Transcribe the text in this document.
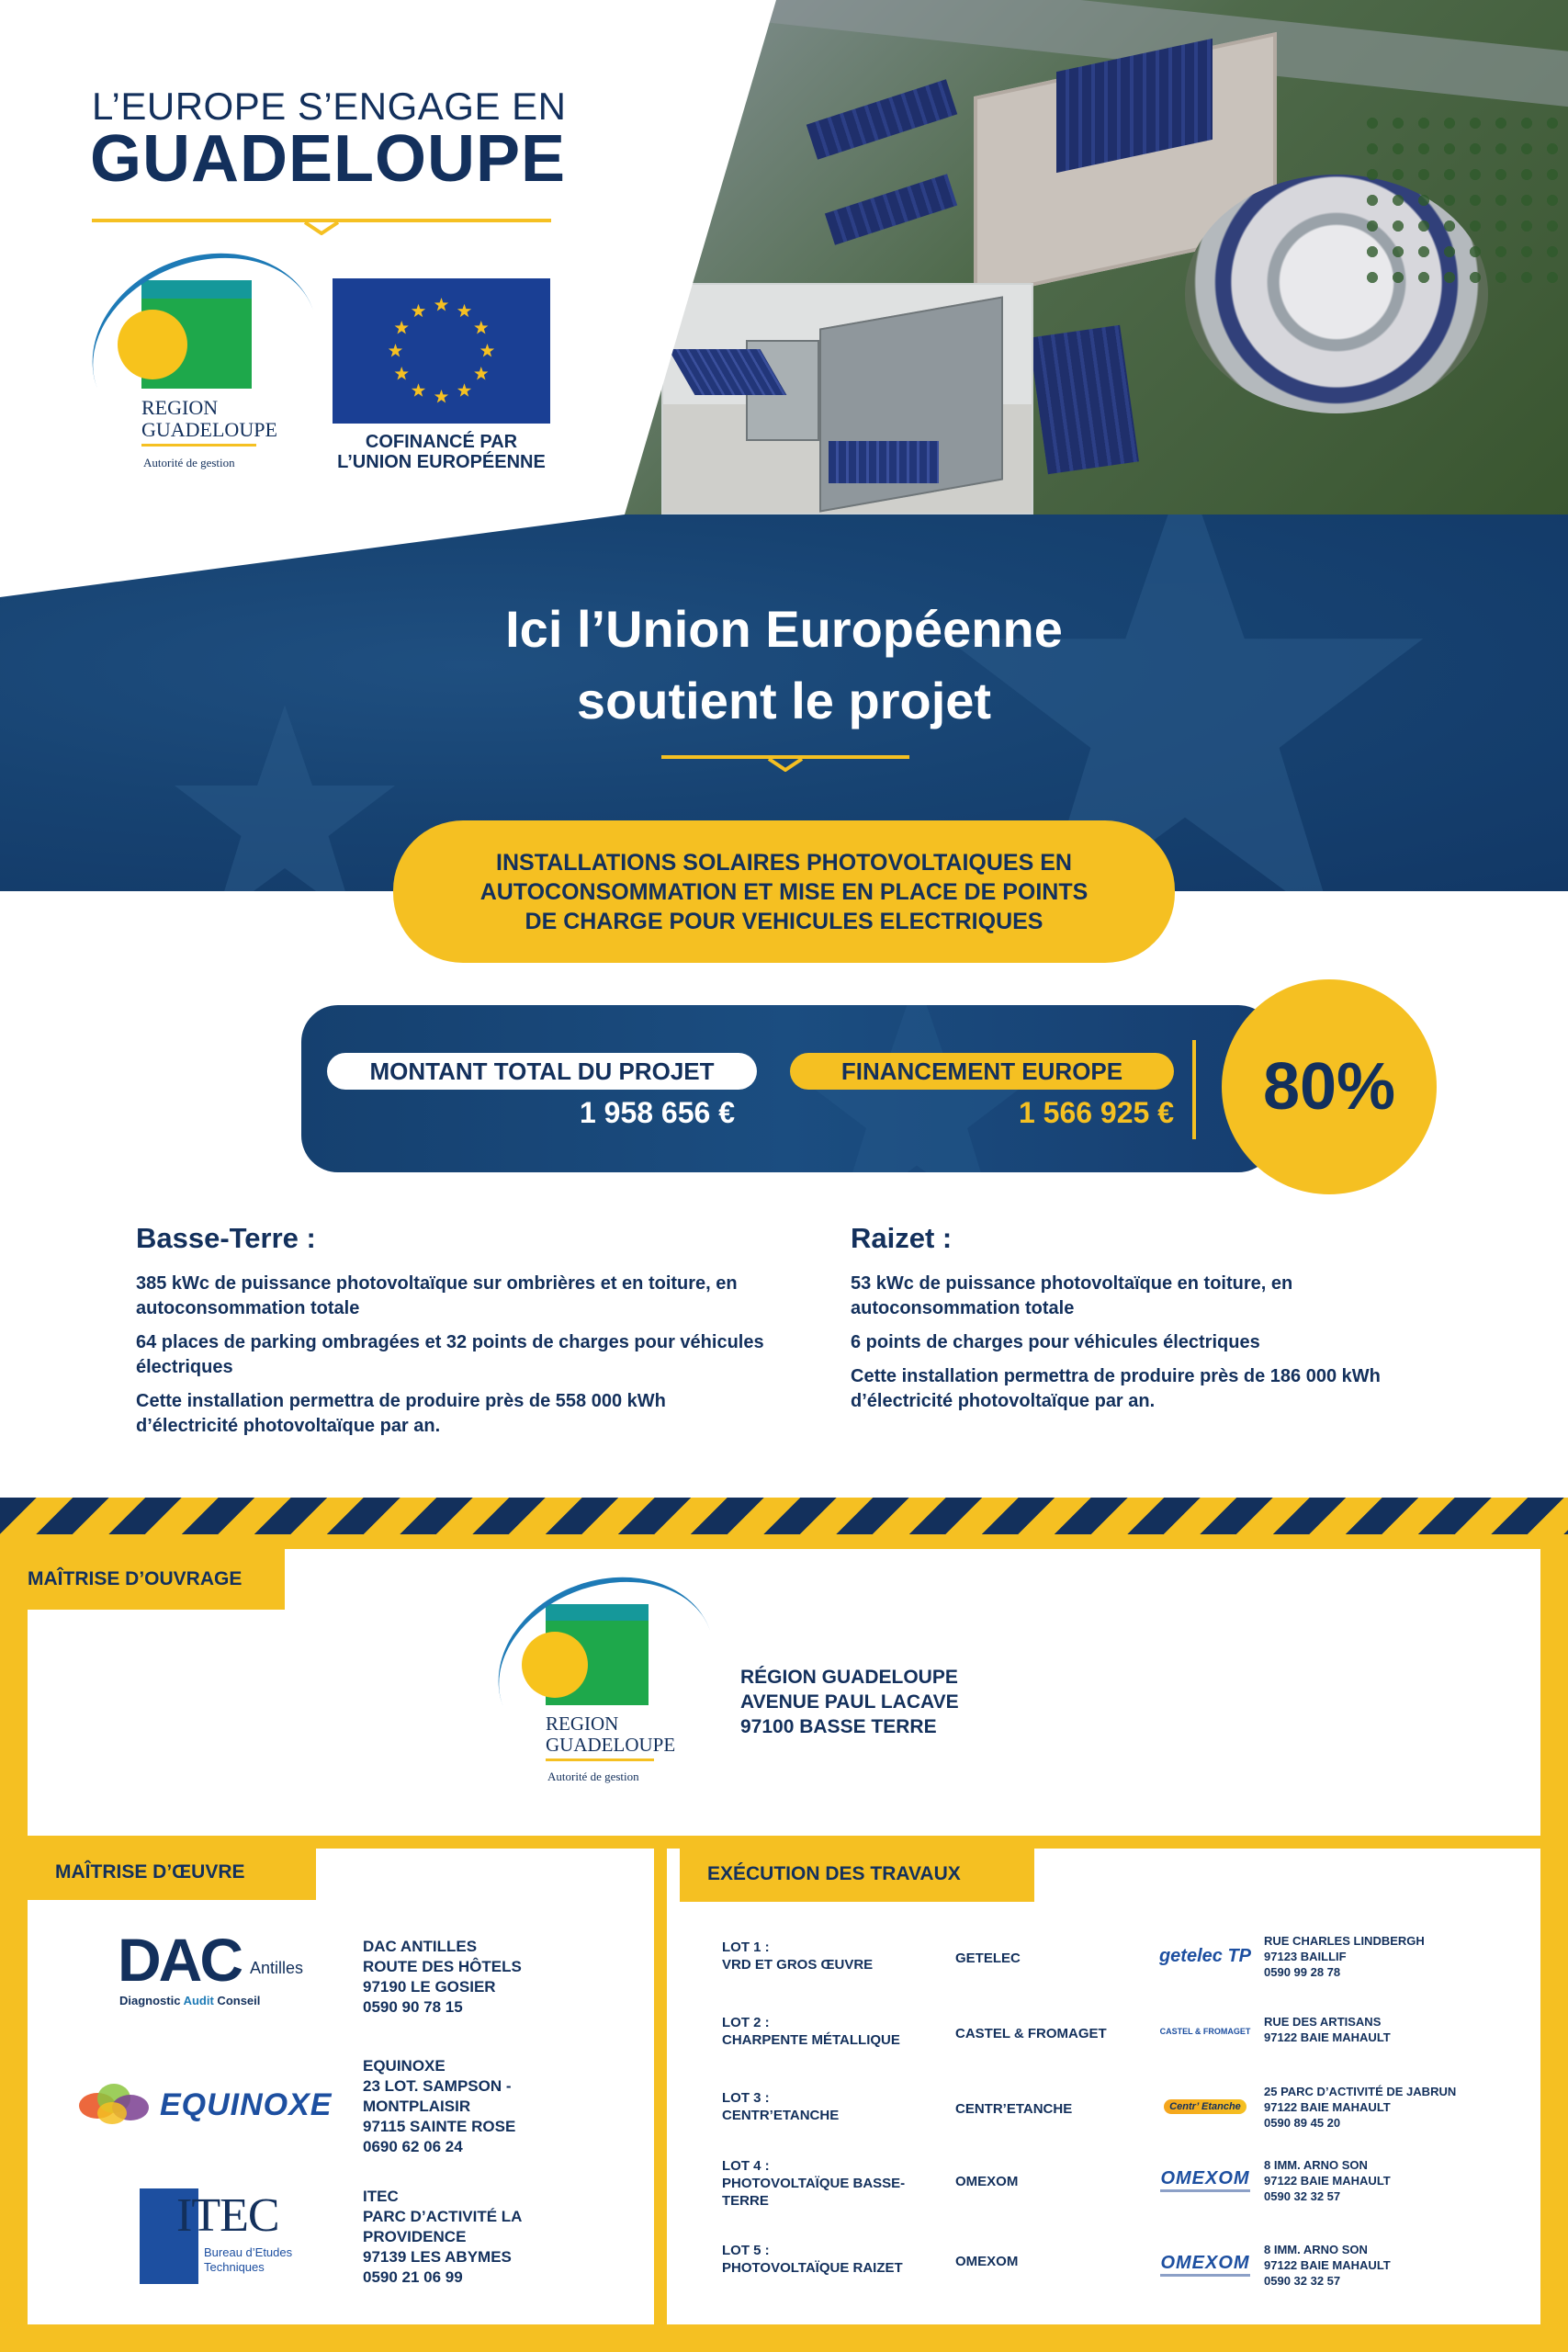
L’EUROPE S’ENGAGE EN
GUADELOUPE
REGION
GUADELOUPE
Autorité de gestion
COFINANCÉ PAR
L’UNION EUROPÉENNE
Ici l’Union Européenne
soutient le projet
INSTALLATIONS SOLAIRES PHOTOVOLTAIQUES EN
AUTOCONSOMMATION ET MISE EN PLACE DE POINTS
DE CHARGE POUR VEHICULES ELECTRIQUES
MONTANT TOTAL DU PROJET
1 958 656 €
FINANCEMENT EUROPE
1 566 925 €	80%
Basse-Terre :

385 kWc de puissance photovoltaïque sur ombrières et en toiture, en autoconsommation totale

64 places de parking ombragées et 32 points de charges pour véhicules électriques

Cette installation permettra de produire près de 558 000 kWh d’électricité photovoltaïque par an.

Raizet :

53 kWc de puissance photovoltaïque en toiture, en autoconsommation totale

6 points de charges pour véhicules électriques

Cette installation permettra de produire près de 186 000 kWh d’électricité photovoltaïque par an.

MAÎTRISE D’OUVRAGE
REGION
GUADELOUPE
Autorité de gestion
RÉGION GUADELOUPE
AVENUE PAUL LACAVE
97100 BASSE TERRE
MAÎTRISE D’ŒUVRE
DAC Antilles
Diagnostic Audit Conseil
DAC ANTILLES
ROUTE DES HÔTELS
97190 LE GOSIER
0590 90 78 15
EQUINOXE
EQUINOXE
23 LOT. SAMPSON -
MONTPLAISIR
97115 SAINTE ROSE
0690 62 06 24
ITEC
Bureau d’Etudes Techniques
ITEC
PARC D’ACTIVITÉ LA
PROVIDENCE
97139 LES ABYMES
0590 21 06 99
EXÉCUTION DES TRAVAUX
LOT 1 :
VRD ET GROS ŒUVRE	GETELEC	getelec TP
RUE CHARLES LINDBERGH
97123 BAILLIF
0590 99 28 78
LOT 2 :
CHARPENTE MÉTALLIQUE	CASTEL & FROMAGET	CASTEL & FROMAGET
RUE DES ARTISANS
97122 BAIE MAHAULT
LOT 3 :
CENTR’ETANCHE	CENTR’ETANCHE	Centr’ Etanche
25 PARC D’ACTIVITÉ DE JABRUN
97122 BAIE MAHAULT
0590 89 45 20
LOT 4 :
PHOTOVOLTAÏQUE BASSE-
TERRE
OMEXOM	OMEXOM
8 IMM. ARNO SON
97122 BAIE MAHAULT
0590 32 32 57
LOT 5 :
PHOTOVOLTAÏQUE RAIZET	OMEXOM	OMEXOM
8 IMM. ARNO SON
97122 BAIE MAHAULT
0590 32 32 57
